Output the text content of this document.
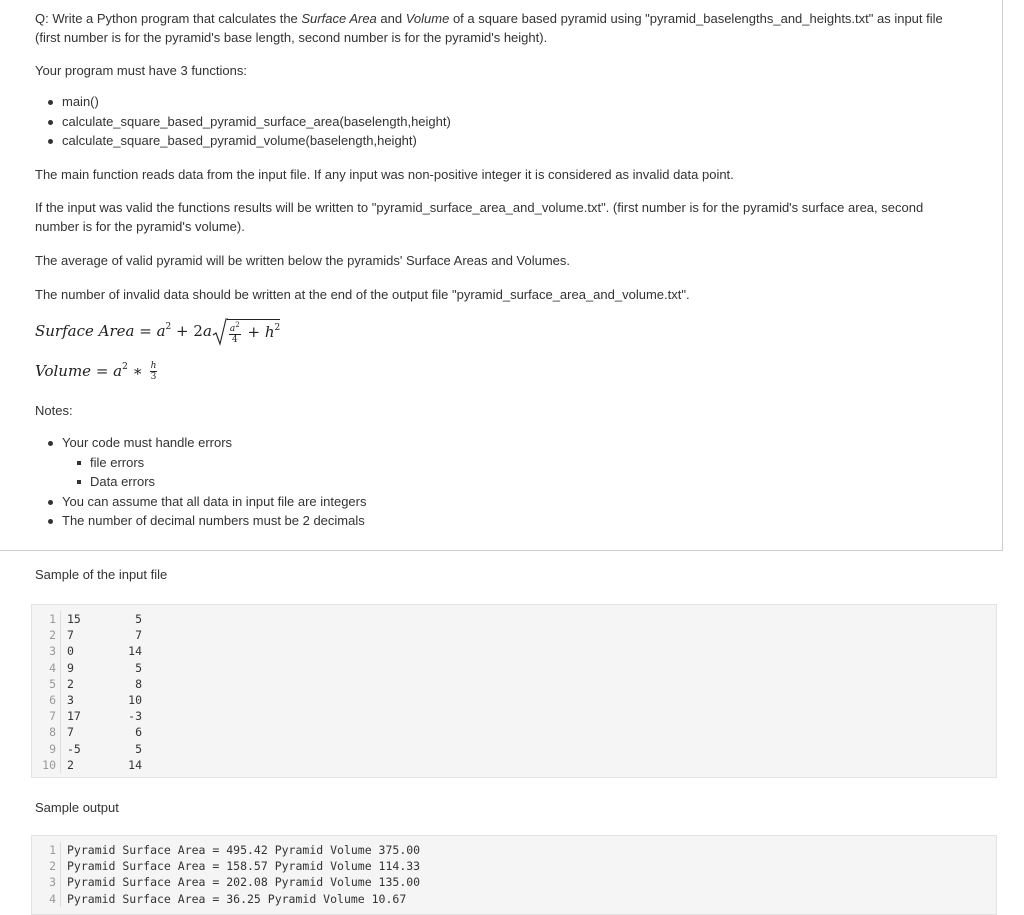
Q: Write a Python program that calculates the Surface Area and Volume of a square based pyramid using "pyramid_baselengths_and_heights.txt" as input file

(first number is for the pyramid's base length, second number is for the pyramid's height).

Your program must have 3 functions:

main()
calculate_square_based_pyramid_surface_area(baselength,height)
calculate_square_based_pyramid_volume(baselength,height)

The main function reads data from the input file. If any input was non-positive integer it is considered as invalid data point.

If the input was valid the functions results will be written to "pyramid_surface_area_and_volume.txt". (first number is for the pyramid's surface area, second

number is for the pyramid's volume).

The average of valid pyramid will be written below the pyramids' Surface Areas and Volumes.

The number of invalid data should be written at the end of the output file "pyramid_surface_area_and_volume.txt".

Surface Area = $a^2 + 2a \frac{a^2}{4} + h^2$
Volume = $a^2$ ∗ $\frac{h}{3}$

Notes:

Your code must handle errors
file errors
Data errors
You can assume that all data in input file are integers
The number of decimal numbers must be 2 decimals

Sample of the input file

1 15	5
2 7	7
3 0	14
4 9	5
5 2	8
6 3	10
7 17	-3
8 7	6
9 -5	5
10 2	14

Sample output

1 Pyramid Surface Area = 495.42 Pyramid Volume 375.00
2 Pyramid Surface Area = 158.57 Pyramid Volume 114.33
3 Pyramid Surface Area = 202.08 Pyramid Volume 135.00
4 Pyramid Surface Area = 36.25 Pyramid Volume 10.67
